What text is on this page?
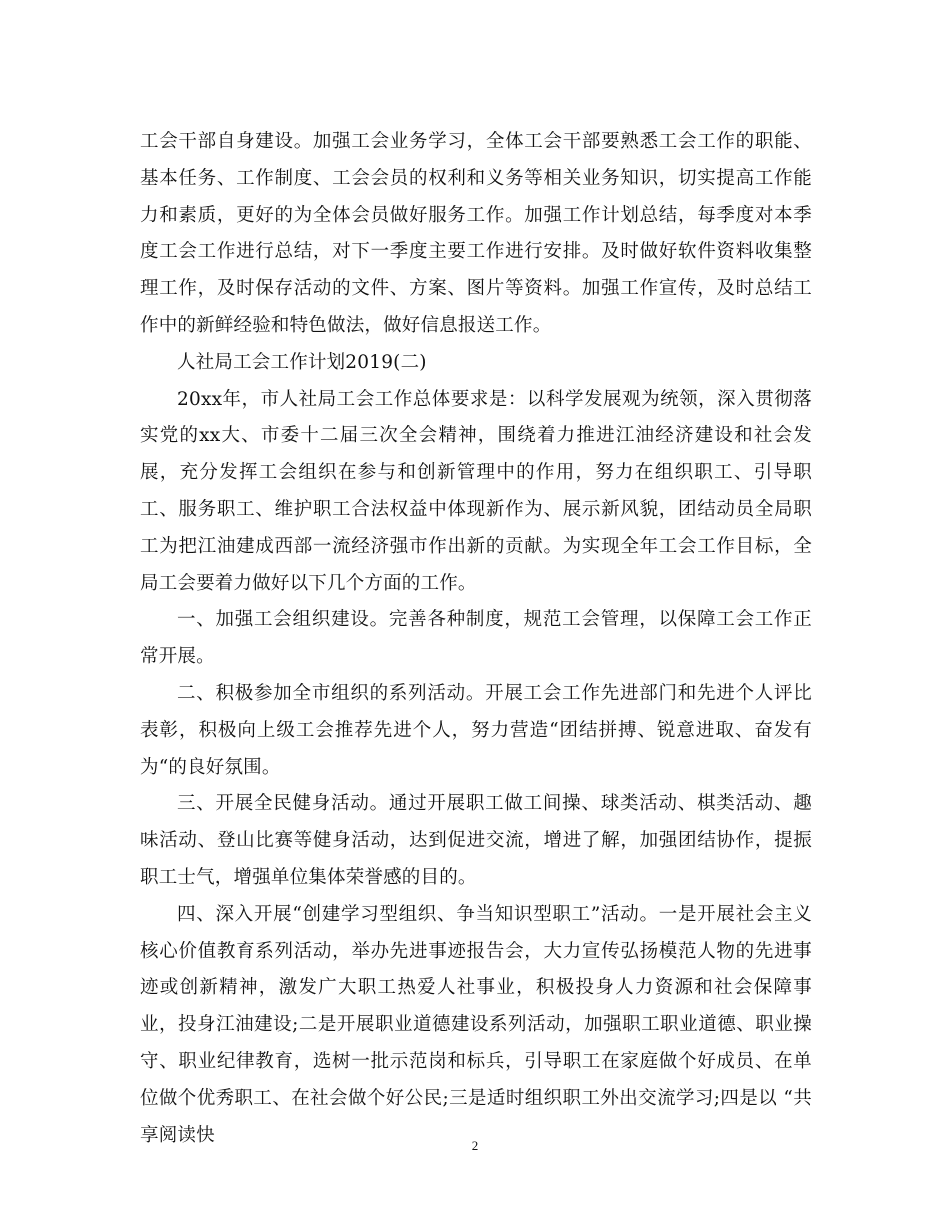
工会干部自身建设。加强工会业务学习，全体工会干部要熟悉工会工作的职能、基本任务、工作制度、工会会员的权利和义务等相关业务知识，切实提高工作能力和素质，更好的为全体会员做好服务工作。加强工作计划总结，每季度对本季度工会工作进行总结，对下一季度主要工作进行安排。及时做好软件资料收集整理工作，及时保存活动的文件、方案、图片等资料。加强工作宣传，及时总结工作中的新鲜经验和特色做法，做好信息报送工作。

人社局工会工作计划2019(二)

20xx年，市人社局工会工作总体要求是：以科学发展观为统领，深入贯彻落实党的xx大、市委十二届三次全会精神，围绕着力推进江油经济建设和社会发展，充分发挥工会组织在参与和创新管理中的作用，努力在组织职工、引导职工、服务职工、维护职工合法权益中体现新作为、展示新风貌，团结动员全局职工为把江油建成西部一流经济强市作出新的贡献。为实现全年工会工作目标，全局工会要着力做好以下几个方面的工作。

一、加强工会组织建设。完善各种制度，规范工会管理，以保障工会工作正常开展。

二、积极参加全市组织的系列活动。开展工会工作先进部门和先进个人评比表彰，积极向上级工会推荐先进个人，努力营造“团结拼搏、锐意进取、奋发有为“的良好氛围。

三、开展全民健身活动。通过开展职工做工间操、球类活动、棋类活动、趣味活动、登山比赛等健身活动，达到促进交流，增进了解，加强团结协作，提振职工士气，增强单位集体荣誉感的目的。

四、深入开展“创建学习型组织、争当知识型职工”活动。一是开展社会主义核心价值教育系列活动，举办先进事迹报告会，大力宣传弘扬模范人物的先进事迹或创新精神，激发广大职工热爱人社事业，积极投身人力资源和社会保障事业，投身江油建设;二是开展职业道德建设系列活动，加强职工职业道德、职业操守、职业纪律教育，选树一批示范岗和标兵，引导职工在家庭做个好成员、在单位做个优秀职工、在社会做个好公民;三是适时组织职工外出交流学习;四是以 “共享阅读快	2
